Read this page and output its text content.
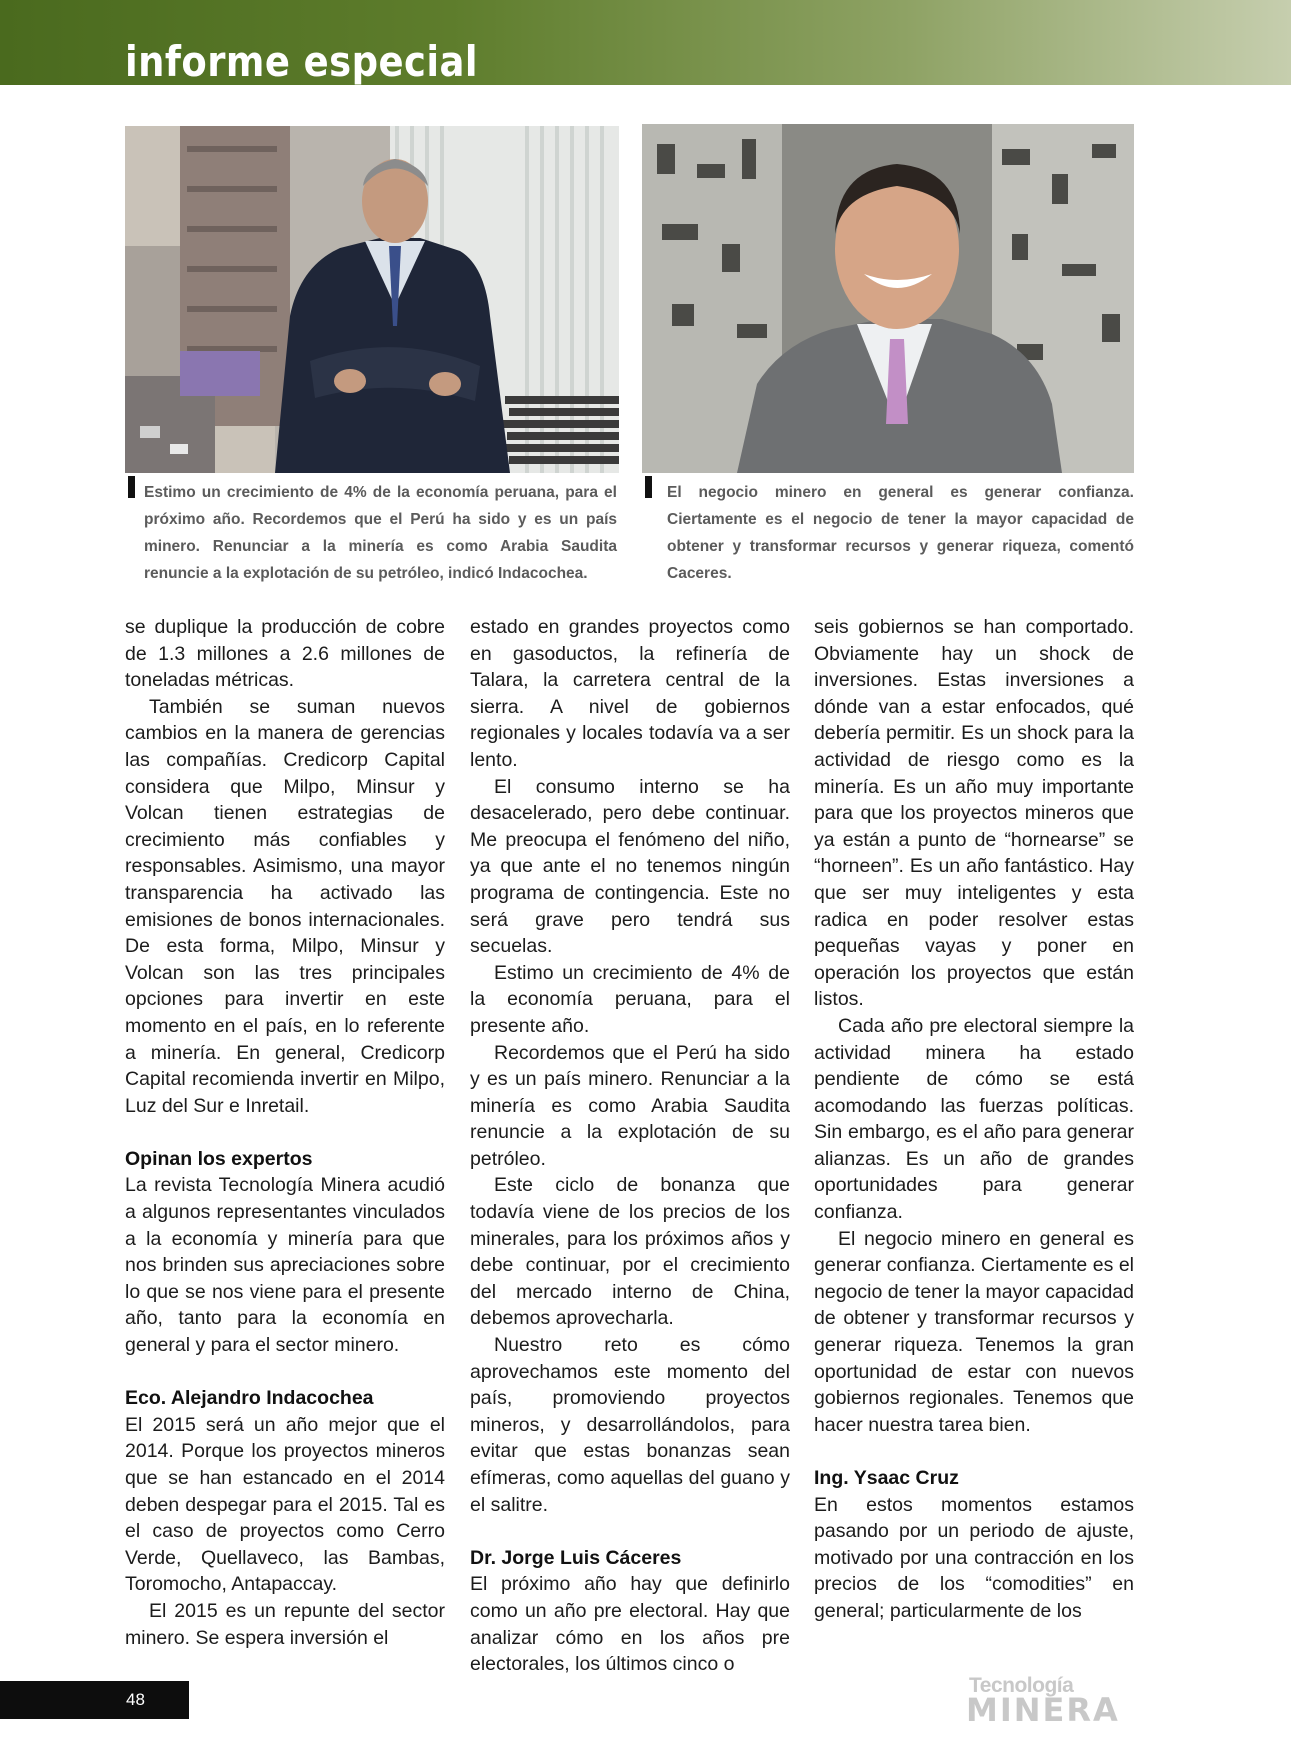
informe especial
Estimo un crecimiento de 4% de la economía peruana, para el próximo año. Recordemos que el Perú ha sido y es un país minero. Renunciar a la minería es como Arabia Saudita renuncie a la explotación de su petróleo, indicó Indacochea.
El negocio minero en general es generar confianza. Ciertamente es el negocio de tener la mayor capacidad de obtener y transformar recursos y generar riqueza, comentó Caceres.

se duplique la producción de cobre de 1.3 millones a 2.6 millones de toneladas métricas.

También se suman nuevos cambios en la manera de gerencias las compañías. Credicorp Capital considera que Milpo, Minsur y Volcan tienen estrategias de crecimiento más confiables y responsables. Asimismo, una mayor transparencia ha activado las emisiones de bonos internacionales. De esta forma, Milpo, Minsur y Volcan son las tres principales opciones para invertir en este momento en el país, en lo referente a minería. En general, Credicorp Capital recomienda invertir en Milpo, Luz del Sur e Inretail.

Opinan los expertos

La revista Tecnología Minera acudió a algunos representantes vinculados a la economía y minería para que nos brinden sus apreciaciones sobre lo que se nos viene para el presente año, tanto para la economía en general y para el sector minero.

Eco. Alejandro Indacochea

El 2015 será un año mejor que el 2014. Porque los proyectos mineros que se han estancado en el 2014 deben despegar para el 2015. Tal es el caso de proyectos como Cerro Verde, Quellaveco, las Bambas, Toromocho, Antapaccay.

El 2015 es un repunte del sector minero. Se espera inversión el

estado en grandes proyectos como en gasoductos, la refinería de Talara, la carretera central de la sierra. A nivel de gobiernos regionales y locales todavía va a ser lento.

El consumo interno se ha desacelerado, pero debe continuar. Me preocupa el fenómeno del niño, ya que ante el no tenemos ningún programa de contingencia. Este no será grave pero tendrá sus secuelas.

Estimo un crecimiento de 4% de la economía peruana, para el presente año.

Recordemos que el Perú ha sido y es un país minero. Renunciar a la minería es como Arabia Saudita renuncie a la explotación de su petróleo.

Este ciclo de bonanza que todavía viene de los precios de los minerales, para los próximos años y debe continuar, por el crecimiento del mercado interno de China, debemos aprovecharla.

Nuestro reto es cómo aprovechamos este momento del país, promoviendo proyectos mineros, y desarrollándolos, para evitar que estas bonanzas sean efímeras, como aquellas del guano y el salitre.

Dr. Jorge Luis Cáceres

El próximo año hay que definirlo como un año pre electoral. Hay que analizar cómo en los años pre electorales, los últimos cinco o

seis gobiernos se han comportado. Obviamente hay un shock de inversiones. Estas inversiones a dónde van a estar enfocados, qué debería permitir. Es un shock para la actividad de riesgo como es la minería. Es un año muy importante para que los proyectos mineros que ya están a punto de “hornearse” se “horneen”. Es un año fantástico. Hay que ser muy inteligentes y esta radica en poder resolver estas pequeñas vayas y poner en operación los proyectos que están listos.

Cada año pre electoral siempre la actividad minera ha estado pendiente de cómo se está acomodando las fuerzas políticas. Sin embargo, es el año para generar alianzas. Es un año de grandes oportunidades para generar confianza.

El negocio minero en general es generar confianza. Ciertamente es el negocio de tener la mayor capacidad de obtener y transformar recursos y generar riqueza. Tenemos la gran oportunidad de estar con nuevos gobiernos regionales. Tenemos que hacer nuestra tarea bien.

Ing. Ysaac Cruz

En estos momentos estamos pasando por un periodo de ajuste, motivado por una contracción en los precios de los “comodities” en general; particularmente de los

48
Tecnología
MINERA
